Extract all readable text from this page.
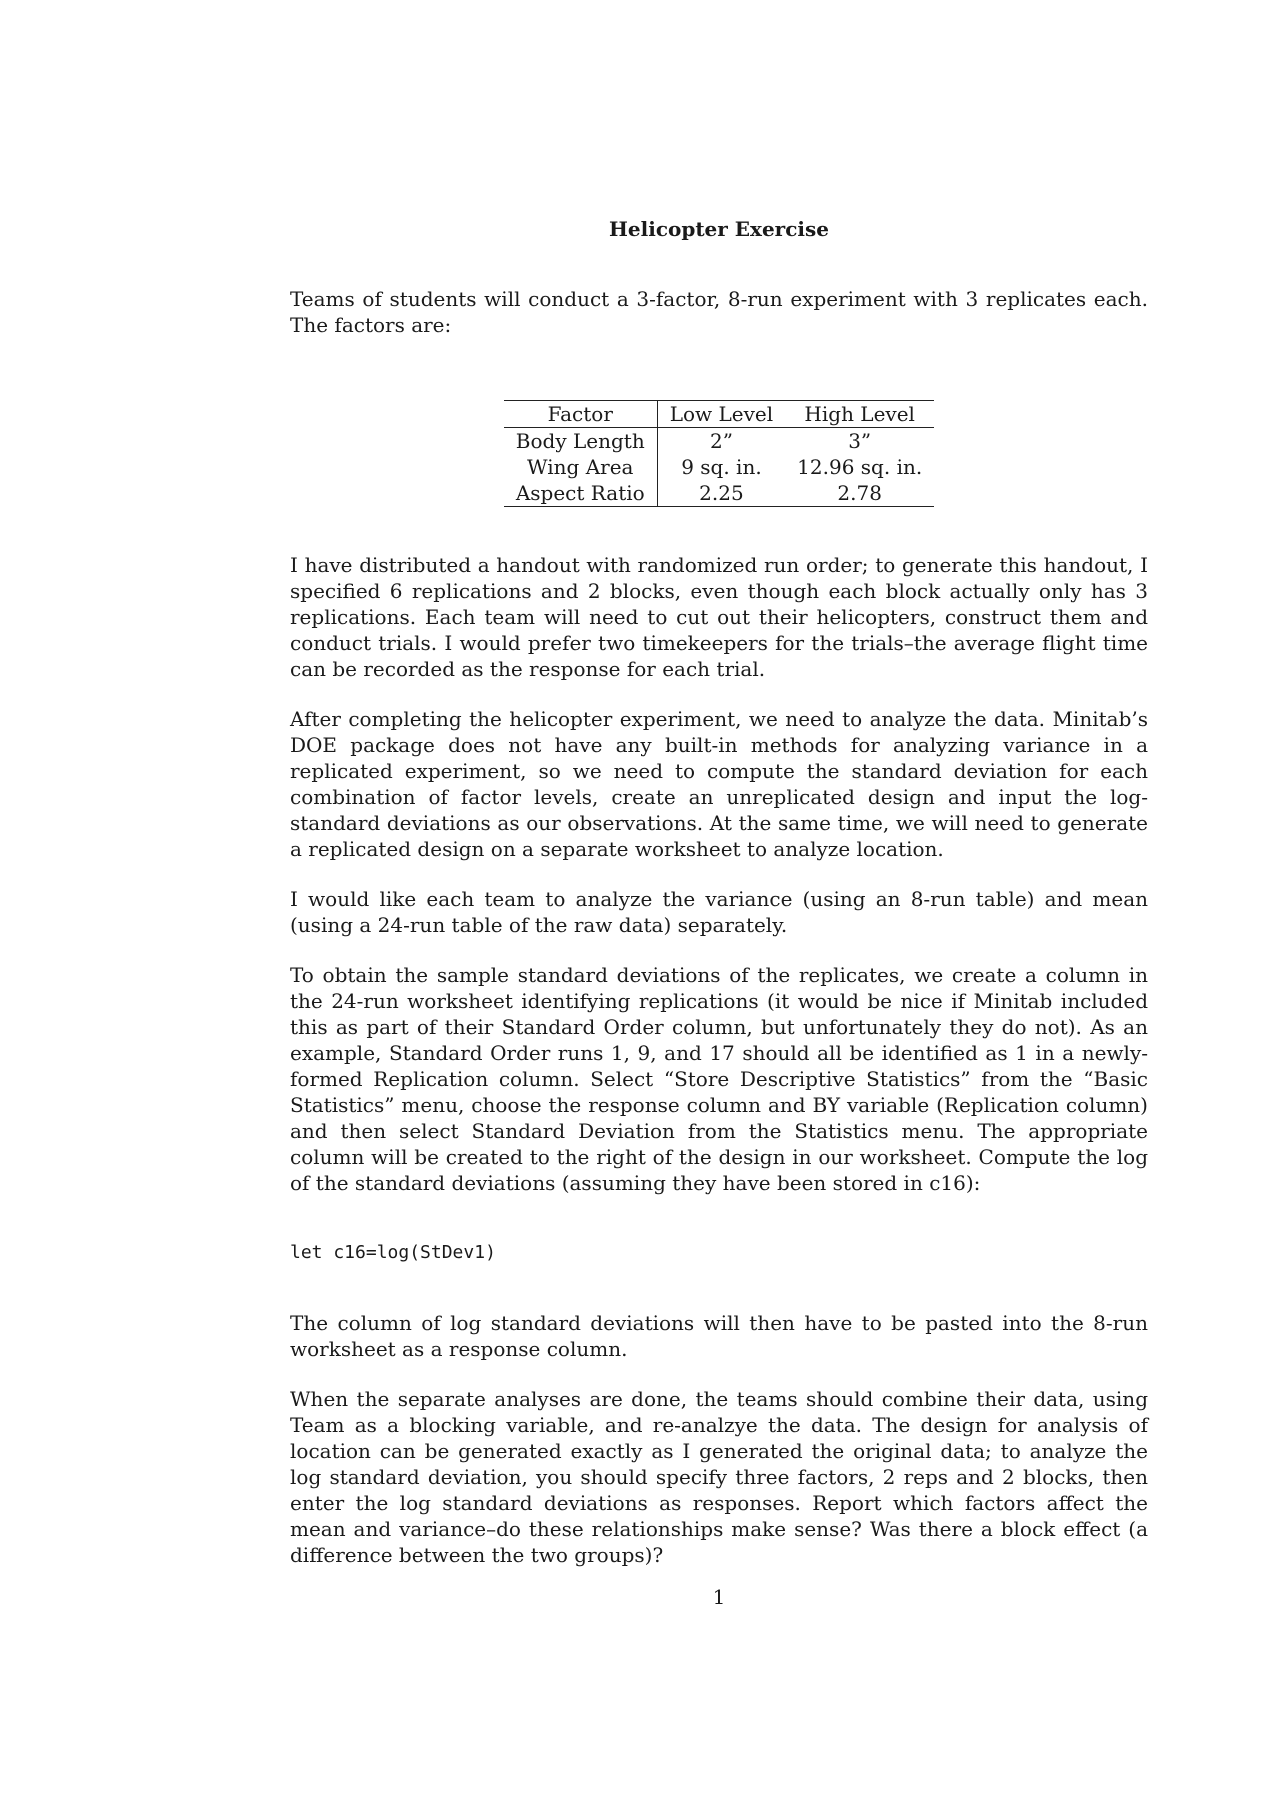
Helicopter Exercise

Teams of students will conduct a 3-factor, 8-run experiment with 3 replicates each. The factors are:

Factor	Low Level	High Level
Body Length	2”	3”
Wing Area	9 sq. in.	12.96 sq. in.
Aspect Ratio	2.25	2.78

I have distributed a handout with randomized run order; to generate this handout, I specified 6 replications and 2 blocks, even though each block actually only has 3 replications. Each team will need to cut out their helicopters, construct them and conduct trials. I would prefer two timekeepers for the trials–the average flight time can be recorded as the response for each trial.

After completing the helicopter experiment, we need to analyze the data. Minitab’s DOE package does not have any built-in methods for analyzing variance in a replicated experiment, so we need to compute the standard deviation for each combination of factor levels, create an unreplicated design and input the log-standard deviations as our observations. At the same time, we will need to generate a replicated design on a separate worksheet to analyze location.

I would like each team to analyze the variance (using an 8-run table) and mean (using a 24-run table of the raw data) separately.

To obtain the sample standard deviations of the replicates, we create a column in the 24-run worksheet identifying replications (it would be nice if Minitab included this as part of their Standard Order column, but unfortunately they do not). As an example, Standard Order runs 1, 9, and 17 should all be identified as 1 in a newly-formed Replication column. Select “Store Descriptive Statistics” from the “Basic Statistics” menu, choose the response column and BY variable (Replication column) and then select Standard Deviation from the Statistics menu. The appropriate column will be created to the right of the design in our worksheet. Compute the log of the standard deviations (assuming they have been stored in c16):

let c16=log(StDev1)

The column of log standard deviations will then have to be pasted into the 8-run worksheet as a response column.

When the separate analyses are done, the teams should combine their data, using Team as a blocking variable, and re-analzye the data. The design for analysis of location can be generated exactly as I generated the original data; to analyze the log standard deviation, you should specify three factors, 2 reps and 2 blocks, then enter the log standard deviations as responses. Report which factors affect the mean and variance–do these relationships make sense? Was there a block effect (a difference between the two groups)?

1
